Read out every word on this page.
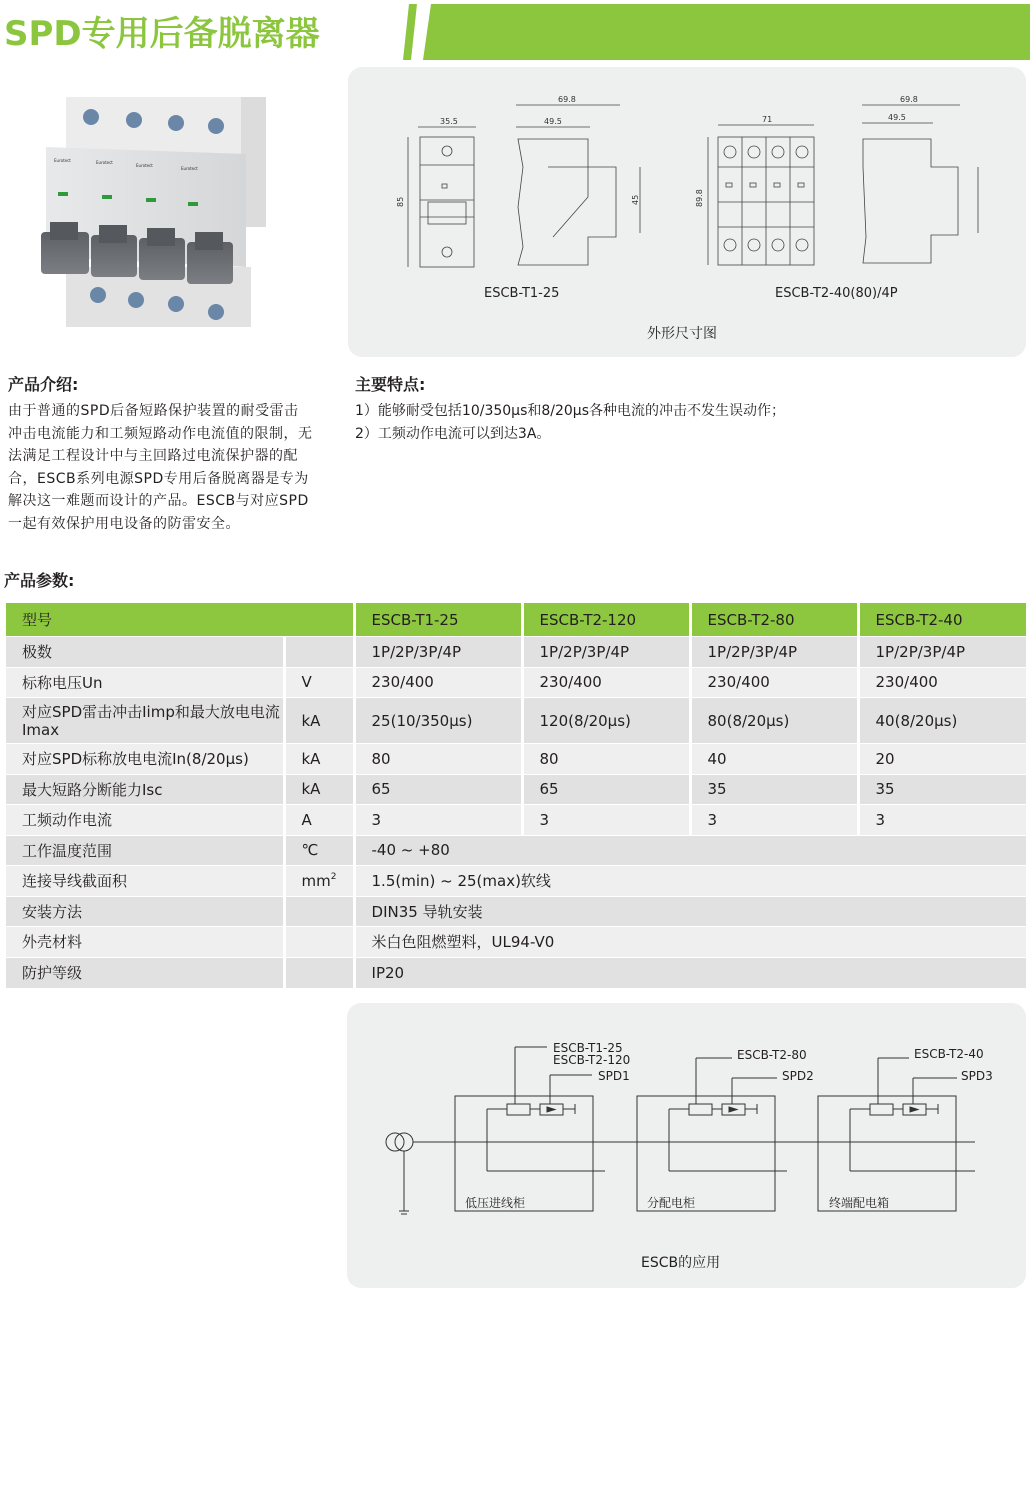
SPD专用后备脱离器
Eurotect	Eurotect
Eurotect
Eurotect
35.5
85
69.8
49.5
45
71
89.8
69.8
49.5
ESCB-T1-25	ESCB-T2-40(80)/4P
外形尺寸图
产品介绍:
由于普通的SPD后备短路保护装置的耐受雷击冲击电流能力和工频短路动作电流值的限制，无法满足工程设计中与主回路过电流保护器的配合，ESCB系列电源SPD专用后备脱离器是专为解决这一难题而设计的产品。ESCB与对应SPD一起有效保护用电设备的防雷安全。
主要特点:
1）能够耐受包括10/350μs和8/20μs各种电流的冲击不发生误动作；
2）工频动作电流可以到达3A。
产品参数:
型号		ESCB-T1-25	ESCB-T2-120	ESCB-T2-80	ESCB-T2-40
极数		1P/2P/3P/4P	1P/2P/3P/4P	1P/2P/3P/4P	1P/2P/3P/4P
标称电压Un	V	230/400	230/400	230/400	230/400
对应SPD雷击冲击Iimp和最大放电电流Imax	kA	25(10/350μs)	120(8/20μs)	80(8/20μs)	40(8/20μs)
对应SPD标称放电电流In(8/20μs)	kA	80	80	40	20
最大短路分断能力Isc	kA	65	65	35	35
工频动作电流	A	3	3	3	3
工作温度范围	℃	-40 ~ +80			
连接导线截面积	$mm^2$	1.5(min) ~ 25(max)软线			
安装方法		DIN35 导轨安装			
外壳材料		米白色阻燃塑料，UL94-V0			
防护等级		IP20			
ESCB-T1-25
ESCB-T2-120
SPD1
ESCB-T2-80
SPD2
ESCB-T2-40
SPD3
低压进线柜	分配电柜	终端配电箱
ESCB的应用
